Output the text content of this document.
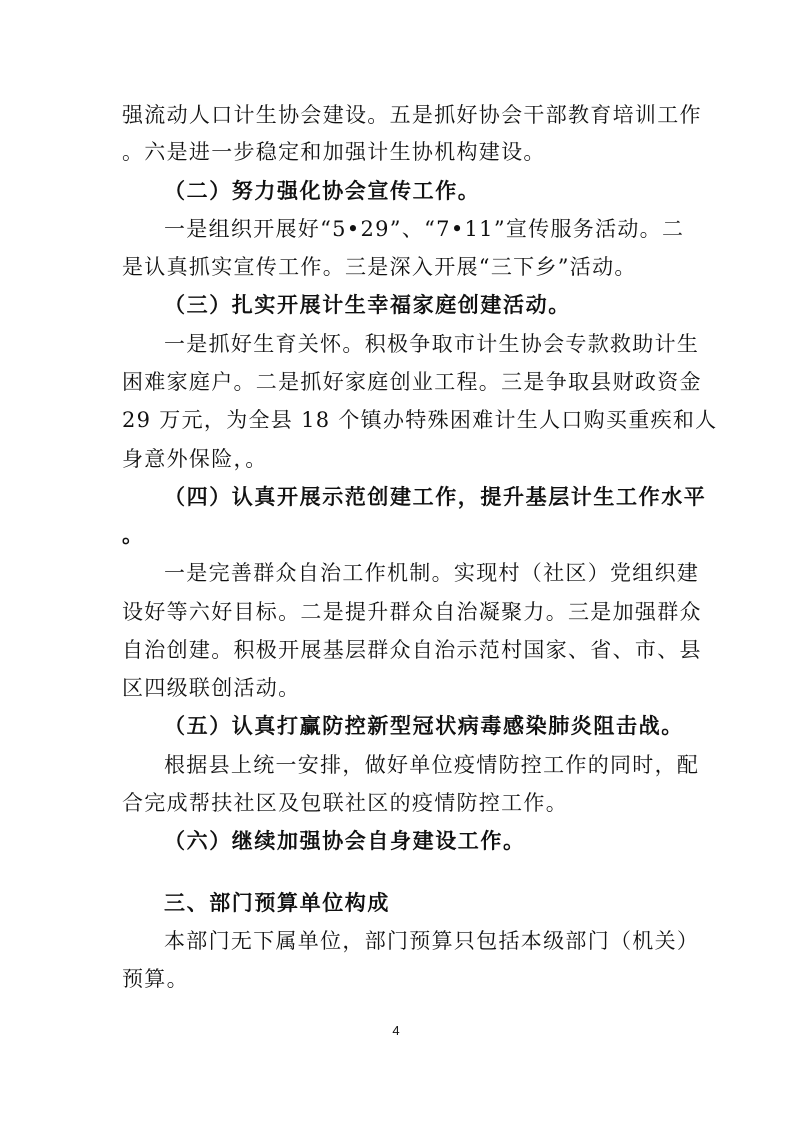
强流动人口计生协会建设。五是抓好协会干部教育培训工作
。六是进一步稳定和加强计生协机构建设。
（二）努力强化协会宣传工作。
一是组织开展好“5•29”、“7•11”宣传服务活动。二
是认真抓实宣传工作。三是深入开展“三下乡”活动。
（三）扎实开展计生幸福家庭创建活动。
一是抓好生育关怀。积极争取市计生协会专款救助计生
困难家庭户。二是抓好家庭创业工程。三是争取县财政资金
29 万元，为全县 18 个镇办特殊困难计生人口购买重疾和人
身意外保险，。
（四）认真开展示范创建工作，提升基层计生工作水平
。
一是完善群众自治工作机制。实现村（社区）党组织建
设好等六好目标。二是提升群众自治凝聚力。三是加强群众
自治创建。积极开展基层群众自治示范村国家、省、市、县
区四级联创活动。
（五）认真打赢防控新型冠状病毒感染肺炎阻击战。
根据县上统一安排，做好单位疫情防控工作的同时，配
合完成帮扶社区及包联社区的疫情防控工作。
（六）继续加强协会自身建设工作。
三、部门预算单位构成
本部门无下属单位，部门预算只包括本级部门（机关）
预算。
4
